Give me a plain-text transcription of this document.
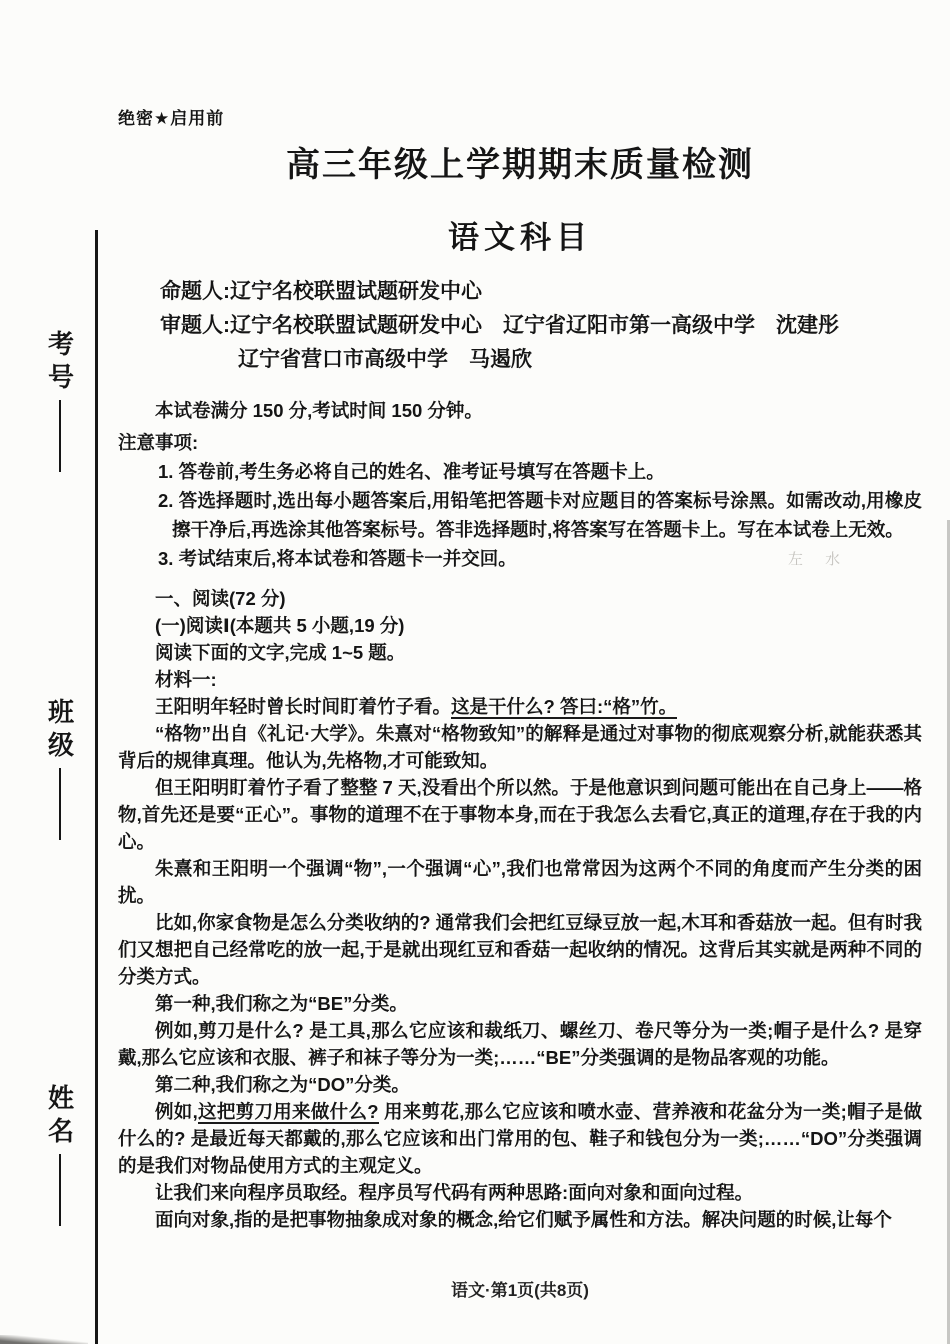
考号
班级
姓名
绝密★启用前
高三年级上学期期末质量检测
语文科目

命题人:辽宁名校联盟试题研发中心

审题人:辽宁名校联盟试题研发中心　辽宁省辽阳市第一高级中学　沈建彤

辽宁省营口市高级中学　马遏欣

本试卷满分 150 分,考试时间 150 分钟。

注意事项:

1. 答卷前,考生务必将自己的姓名、准考证号填写在答题卡上。

2. 答选择题时,选出每小题答案后,用铅笔把答题卡对应题目的答案标号涂黑。如需改动,用橡皮擦干净后,再选涂其他答案标号。答非选择题时,将答案写在答题卡上。写在本试卷上无效。

3. 考试结束后,将本试卷和答题卡一并交回。

一、阅读(72 分)

(一)阅读Ⅰ(本题共 5 小题,19 分)

阅读下面的文字,完成 1~5 题。

材料一:

王阳明年轻时曾长时间盯着竹子看。这是干什么? 答曰:“格”竹。

“格物”出自《礼记·大学》。朱熹对“格物致知”的解释是通过对事物的彻底观察分析,就能获悉其背后的规律真理。他认为,先格物,才可能致知。

但王阳明盯着竹子看了整整 7 天,没看出个所以然。于是他意识到问题可能出在自己身上——格物,首先还是要“正心”。事物的道理不在于事物本身,而在于我怎么去看它,真正的道理,存在于我的内心。

朱熹和王阳明一个强调“物”,一个强调“心”,我们也常常因为这两个不同的角度而产生分类的困扰。

比如,你家食物是怎么分类收纳的? 通常我们会把红豆绿豆放一起,木耳和香菇放一起。但有时我们又想把自己经常吃的放一起,于是就出现红豆和香菇一起收纳的情况。这背后其实就是两种不同的分类方式。

第一种,我们称之为“BE”分类。

例如,剪刀是什么? 是工具,那么它应该和裁纸刀、螺丝刀、卷尺等分为一类;帽子是什么? 是穿戴,那么它应该和衣服、裤子和袜子等分为一类;……“BE”分类强调的是物品客观的功能。

第二种,我们称之为“DO”分类。

例如,这把剪刀用来做什么? 用来剪花,那么它应该和喷水壶、营养液和花盆分为一类;帽子是做什么的? 是最近每天都戴的,那么它应该和出门常用的包、鞋子和钱包分为一类;……“DO”分类强调的是我们对物品使用方式的主观定义。

让我们来向程序员取经。程序员写代码有两种思路:面向对象和面向过程。

面向对象,指的是把事物抽象成对象的概念,给它们赋予属性和方法。解决问题的时候,让每个

语文·第1页(共8页)
左 水
